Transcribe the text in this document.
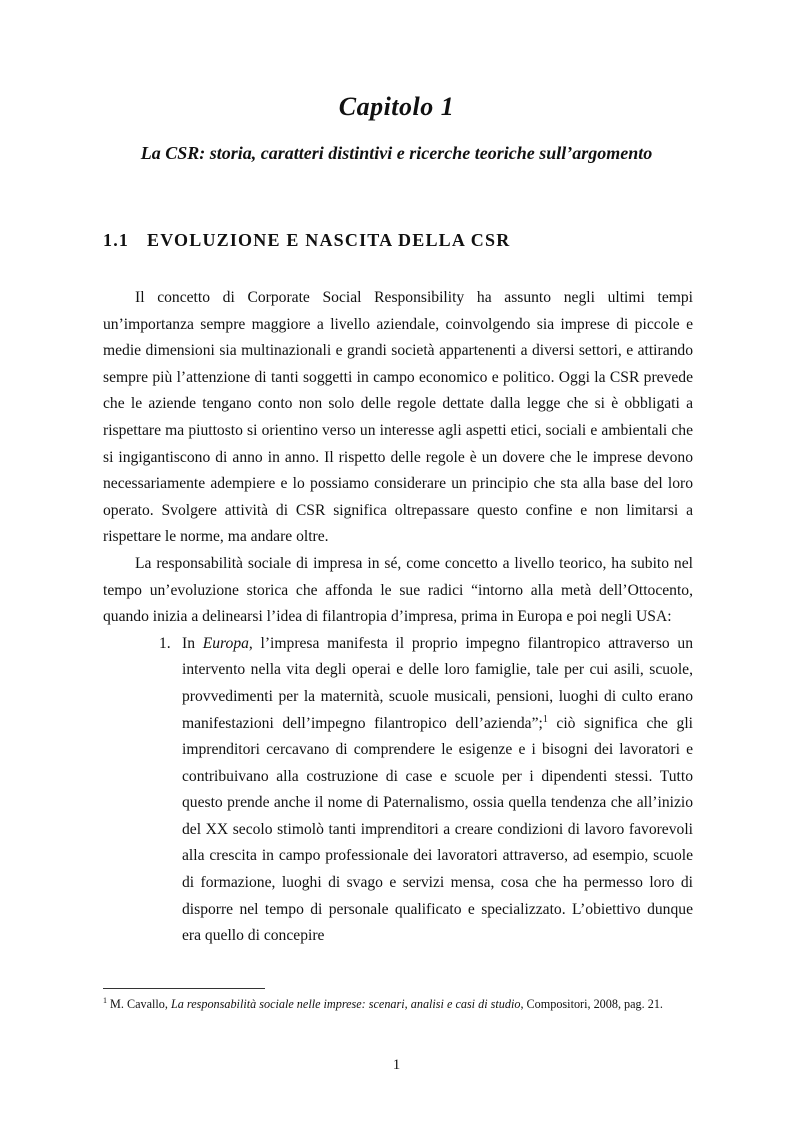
Capitolo 1
La CSR: storia, caratteri distintivi e ricerche teoriche sull’argomento
1.1 EVOLUZIONE E NASCITA DELLA CSR

Il concetto di Corporate Social Responsibility ha assunto negli ultimi tempi un’importanza sempre maggiore a livello aziendale, coinvolgendo sia imprese di piccole e medie dimensioni sia multinazionali e grandi società appartenenti a diversi settori, e attirando sempre più l’attenzione di tanti soggetti in campo economico e politico. Oggi la CSR prevede che le aziende tengano conto non solo delle regole dettate dalla legge che si è obbligati a rispettare ma piuttosto si orientino verso un interesse agli aspetti etici, sociali e ambientali che si ingigantiscono di anno in anno. Il rispetto delle regole è un dovere che le imprese devono necessariamente adempiere e lo possiamo considerare un principio che sta alla base del loro operato. Svolgere attività di CSR significa oltrepassare questo confine e non limitarsi a rispettare le norme, ma andare oltre.

La responsabilità sociale di impresa in sé, come concetto a livello teorico, ha subito nel tempo un’evoluzione storica che affonda le sue radici “intorno alla metà dell’Ottocento, quando inizia a delinearsi l’idea di filantropia d’impresa, prima in Europa e poi negli USA:

1. In Europa, l’impresa manifesta il proprio impegno filantropico attraverso un intervento nella vita degli operai e delle loro famiglie, tale per cui asili, scuole, provvedimenti per la maternità, scuole musicali, pensioni, luoghi di culto erano manifestazioni dell’impegno filantropico dell’azienda”;$^1$ ciò significa che gli imprenditori cercavano di comprendere le esigenze e i bisogni dei lavoratori e contribuivano alla costruzione di case e scuole per i dipendenti stessi. Tutto questo prende anche il nome di Paternalismo, ossia quella tendenza che all’inizio del XX secolo stimolò tanti imprenditori a creare condizioni di lavoro favorevoli alla crescita in campo professionale dei lavoratori attraverso, ad esempio, scuole di formazione, luoghi di svago e servizi mensa, cosa che ha permesso loro di disporre nel tempo di personale qualificato e specializzato. L’obiettivo dunque era quello di concepire
$^1$ M. Cavallo, La responsabilità sociale nelle imprese: scenari, analisi e casi di studio, Compositori, 2008, pag. 21.
1
